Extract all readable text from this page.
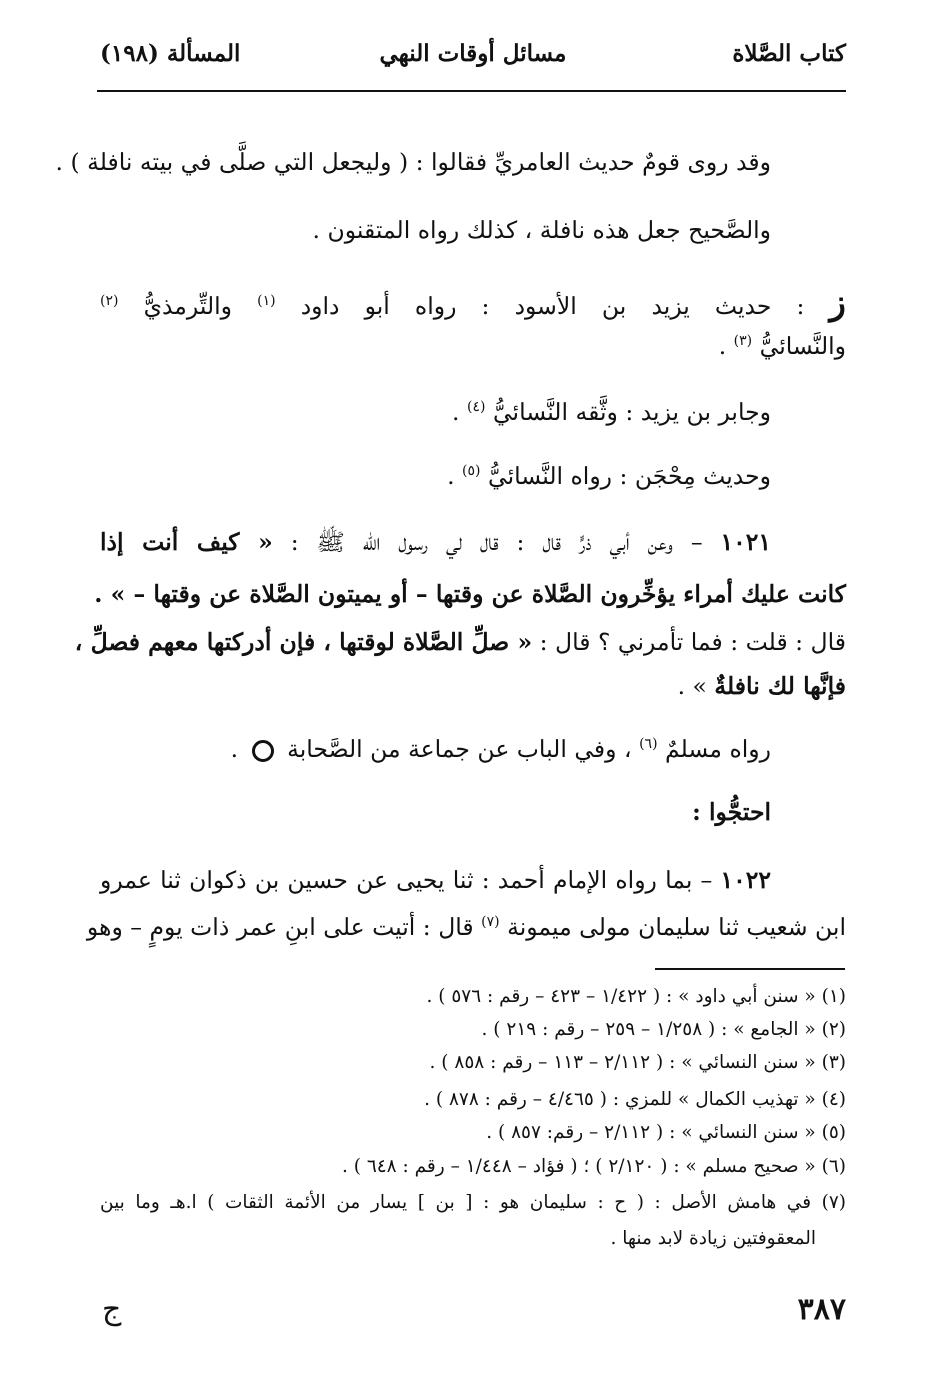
كتاب الصَّلاة
مسائل أوقات النهي
المسألة (١٩٨)
وقد روى قومٌ حديث العامريِّ فقالوا : ( وليجعل التي صلَّى في بيته نافلة ) .
والصَّحيح جعل هذه نافلة ، كذلك رواه المتقنون .
ز : حديث يزيد بن الأسود : رواه أبو داود $^{(١)}$ والتِّرمذيُّ $^{(٢)}$
والنَّسائيُّ $^{(٣)}$ .
وجابر بن يزيد : وثَّقه النَّسائيُّ $^{(٤)}$ .
وحديث مِحْجَن : رواه النَّسائيُّ $^{(٥)}$ .
١٠٢١ – وعن أبي ذرٍّ قال : قال لي رسول الله ﷺ : « كيف أنت إذا
كانت عليك أمراء يؤخِّرون الصَّلاة عن وقتها – أو يميتون الصَّلاة عن وقتها – » .
قال : قلت : فما تأمرني ؟ قال : « صلِّ الصَّلاة لوقتها ، فإن أدركتها معهم فصلِّ ،
فإنَّها لك نافلةٌ » .
رواه مسلمٌ $^{(٦)}$ ، وفي الباب عن جماعة من الصَّحابة  .
احتجُّوا :
١٠٢٢ – بما رواه الإمام أحمد : ثنا يحيى عن حسين بن ذكوان ثنا عمرو
ابن شعيب ثنا سليمان مولى ميمونة $^{(٧)}$ قال : أتيت على ابنِ عمر ذات يومٍ – وهو
(١) « سنن أبي داود » : ( ١/٤٢٢ – ٤٢٣ – رقم : ٥٧٦ ) .
(٢) « الجامع » : ( ١/٢٥٨ – ٢٥٩ – رقم : ٢١٩ ) .
(٣) « سنن النسائي » : ( ٢/١١٢ – ١١٣ – رقم : ٨٥٨ ) .
(٤) « تهذيب الكمال » للمزي : ( ٤/٤٦٥ – رقم : ٨٧٨ ) .
(٥) « سنن النسائي » : ( ٢/١١٢ – رقم: ٨٥٧ ) .
(٦) « صحيح مسلم » : ( ٢/١٢٠ ) ؛ ( فؤاد – ١/٤٤٨ – رقم : ٦٤٨ ) .
(٧) في هامش الأصل : ( ح : سليمان هو : [ بن ] يسار من الأئمة الثقات ) ا.هـ وما بين
المعقوفتين زيادة لابد منها .
٣٨٧
ج
